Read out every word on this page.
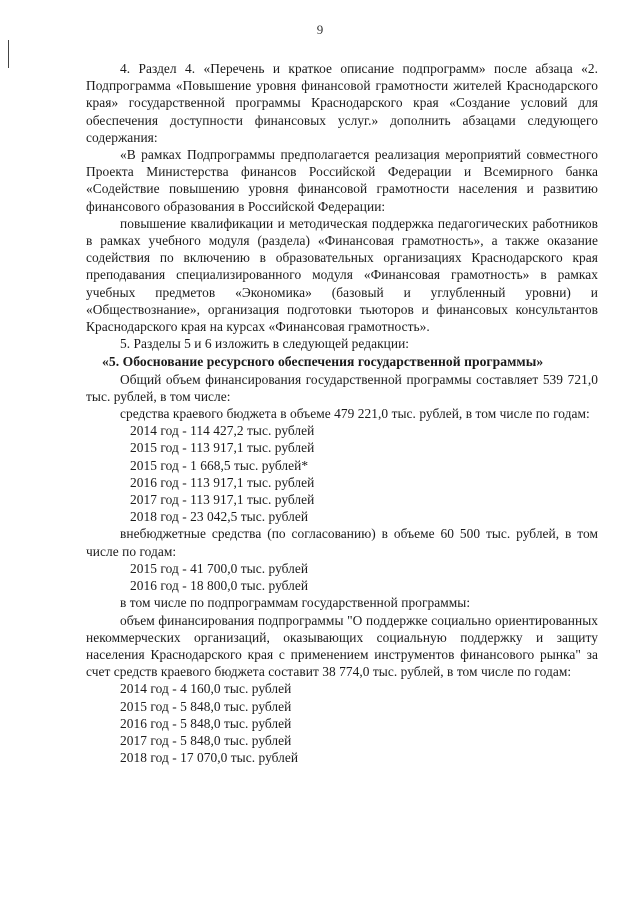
9

4. Раздел 4. «Перечень и краткое описание подпрограмм» после абзаца «2. Подпрограмма «Повышение уровня финансовой грамотности жителей Краснодарского края» государственной программы Краснодарского края «Создание условий для обеспечения доступности финансовых услуг.» дополнить абзацами следующего содержания:

«В рамках Подпрограммы предполагается реализация мероприятий совместного Проекта Министерства финансов Российской Федерации и Всемирного банка «Содействие повышению уровня финансовой грамотности населения и развитию финансового образования в Российской Федерации:

повышение квалификации и методическая поддержка педагогических работников в рамках учебного модуля (раздела) «Финансовая грамотность», а также оказание содействия по включению в образовательных организациях Краснодарского края преподавания специализированного модуля «Финансовая грамотность» в рамках учебных предметов «Экономика» (базовый и углубленный уровни) и «Обществознание», организация подготовки тьюторов и финансовых консультантов Краснодарского края на курсах «Финансовая грамотность».

5. Разделы 5 и 6 изложить в следующей редакции:

«5. Обоснование ресурсного обеспечения государственной программы»

Общий объем финансирования государственной программы составляет 539 721,0 тыс. рублей, в том числе:

средства краевого бюджета в объеме 479 221,0 тыс. рублей, в том числе по годам:

2014 год - 114 427,2 тыс. рублей
2015 год - 113 917,1 тыс. рублей
2015 год - 1 668,5 тыс. рублей*
2016 год - 113 917,1 тыс. рублей
2017 год - 113 917,1 тыс. рублей
2018 год - 23 042,5 тыс. рублей

внебюджетные средства (по согласованию) в объеме 60 500 тыс. рублей, в том числе по годам:

2015 год - 41 700,0 тыс. рублей
2016 год - 18 800,0 тыс. рублей

в том числе по подпрограммам государственной программы:

объем финансирования подпрограммы "О поддержке социально ориентированных некоммерческих организаций, оказывающих социальную поддержку и защиту населения Краснодарского края с применением инструментов финансового рынка" за счет средств краевого бюджета составит 38 774,0 тыс. рублей, в том числе по годам:

2014 год - 4 160,0 тыс. рублей
2015 год - 5 848,0 тыс. рублей
2016 год - 5 848,0 тыс. рублей
2017 год - 5 848,0 тыс. рублей
2018 год - 17 070,0 тыс. рублей
